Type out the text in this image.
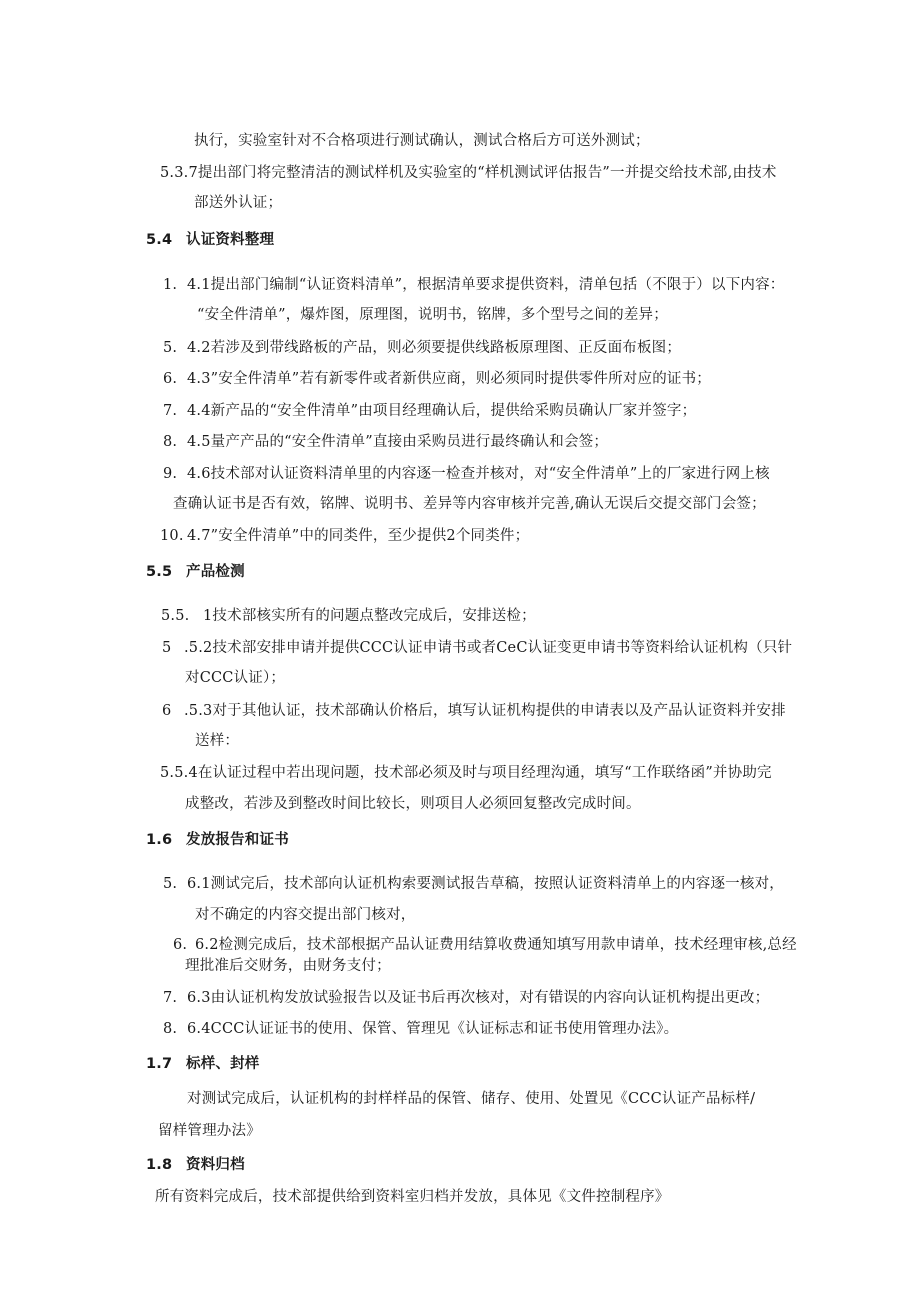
执行，实验室针对不合格项进行测试确认，测试合格后方可送外测试；
5.3.7提出部门将完整清洁的测试样机及实验室的“样机测试评估报告”一并提交给技术部,由技术
部送外认证；
5.4 认证资料整理
1. 4.1提出部门编制“认证资料清单”，根据清单要求提供资料，清单包括（不限于）以下内容：
“安全件清单”，爆炸图，原理图，说明书，铭牌，多个型号之间的差异；
5. 4.2若涉及到带线路板的产品，则必须要提供线路板原理图、正反面布板图；
6. 4.3”安全件清单”若有新零件或者新供应商，则必须同时提供零件所对应的证书；
7. 4.4新产品的“安全件清单”由项目经理确认后，提供给采购员确认厂家并签字；
8. 4.5量产产品的“安全件清单”直接由采购员进行最终确认和会签；
9. 4.6技术部对认证资料清单里的内容逐一检查并核对，对“安全件清单”上的厂家进行网上核
查确认证书是否有效，铭牌、说明书、差异等内容审核并完善,确认无误后交提交部门会签；
10. 4.7”安全件清单”中的同类件，至少提供2个同类件；
5.5 产品检测
5.5. 1技术部核实所有的问题点整改完成后，安排送检；
5 .5.2技术部安排申请并提供CCC认证申请书或者CeC认证变更申请书等资料给认证机构（只针
对CCC认证）；
6 .5.3对于其他认证，技术部确认价格后，填写认证机构提供的申请表以及产品认证资料并安排
送样：
5.5.4在认证过程中若出现问题，技术部必须及时与项目经理沟通，填写“工作联络函”并协助完
成整改，若涉及到整改时间比较长，则项目人必须回复整改完成时间。
1.6 发放报告和证书
5. 6.1测试完后，技术部向认证机构索要测试报告草稿，按照认证资料清单上的内容逐一核对，
对不确定的内容交提出部门核对，
6. 6.2检测完成后，技术部根据产品认证费用结算收费通知填写用款申请单，技术经理审核,总经
理批准后交财务，由财务支付；
7. 6.3由认证机构发放试验报告以及证书后再次核对，对有错误的内容向认证机构提出更改；
8. 6.4CCC认证证书的使用、保管、管理见《认证标志和证书使用管理办法》。
1.7 标样、封样
对测试完成后，认证机构的封样样品的保管、储存、使用、处置见《CCC认证产品标样/
留样管理办法》
1.8 资料归档
所有资料完成后，技术部提供给到资料室归档并发放，具体见《文件控制程序》
